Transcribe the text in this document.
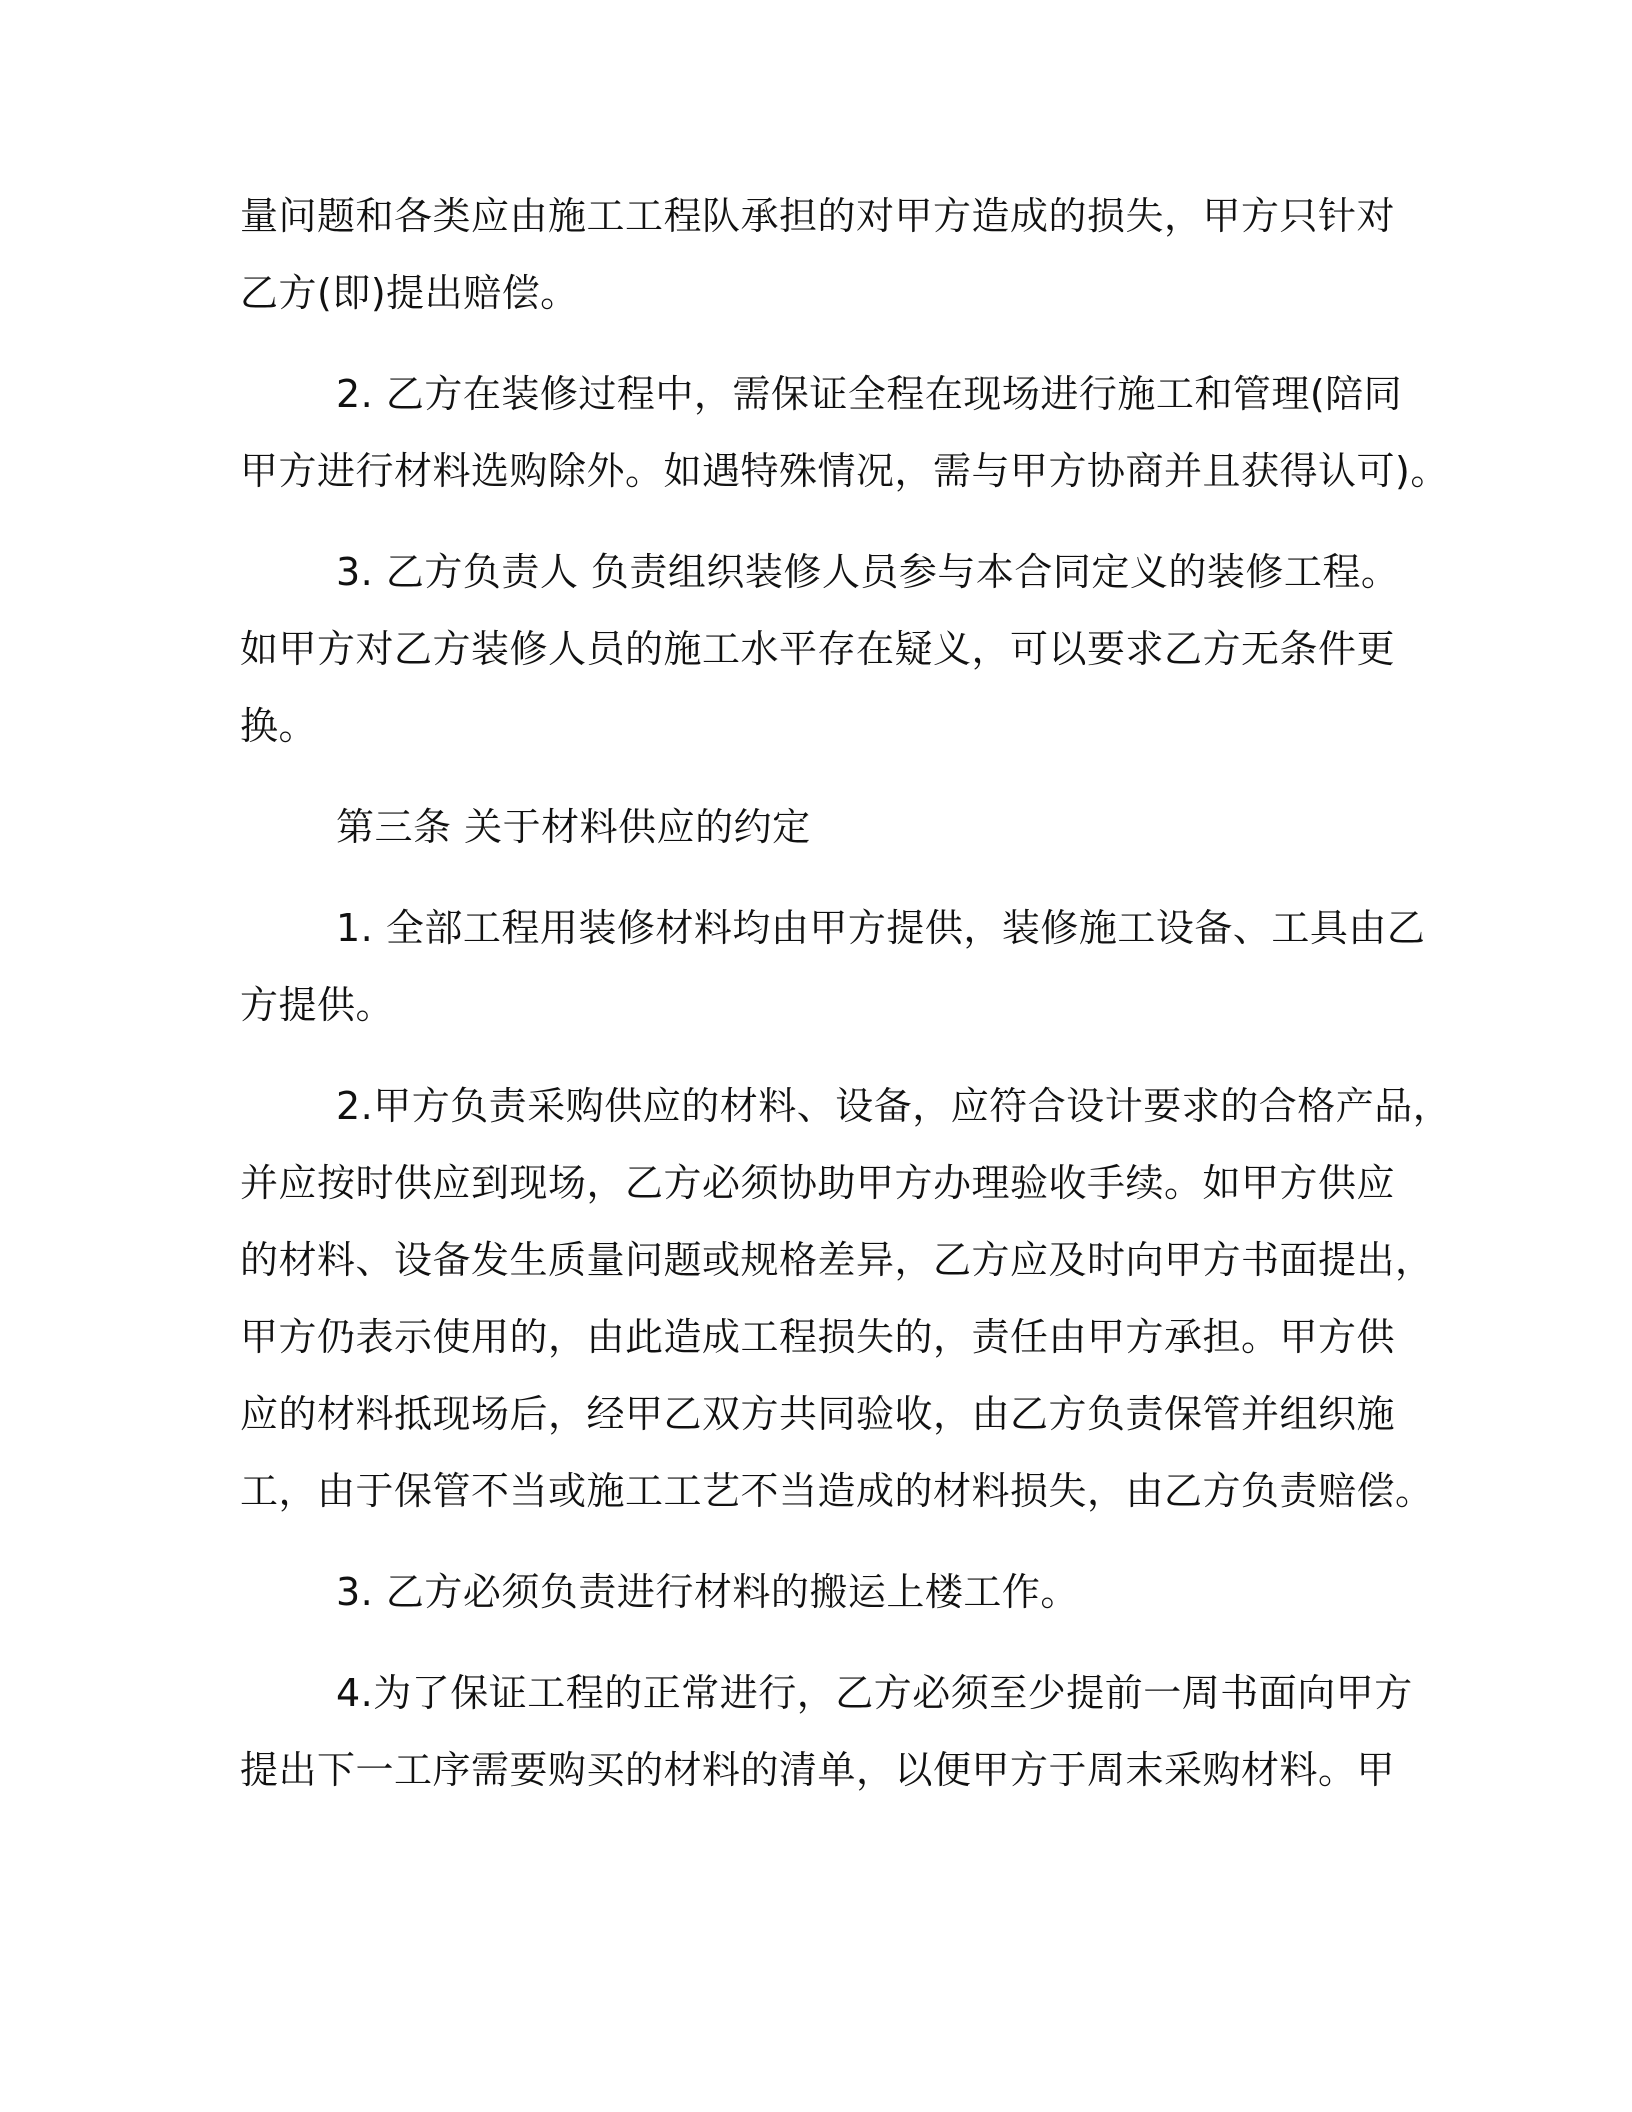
量问题和各类应由施工工程队承担的对甲方造成的损失，甲方只针对
乙方(即)提出赔偿。

2. 乙方在装修过程中，需保证全程在现场进行施工和管理(陪同
甲方进行材料选购除外。如遇特殊情况，需与甲方协商并且获得认可)。

3. 乙方负责人 负责组织装修人员参与本合同定义的装修工程。
如甲方对乙方装修人员的施工水平存在疑义，可以要求乙方无条件更
换。

第三条 关于材料供应的约定

1. 全部工程用装修材料均由甲方提供，装修施工设备、工具由乙
方提供。

2.甲方负责采购供应的材料、设备，应符合设计要求的合格产品，
并应按时供应到现场，乙方必须协助甲方办理验收手续。如甲方供应
的材料、设备发生质量问题或规格差异，乙方应及时向甲方书面提出，
甲方仍表示使用的，由此造成工程损失的，责任由甲方承担。甲方供
应的材料抵现场后，经甲乙双方共同验收，由乙方负责保管并组织施
工，由于保管不当或施工工艺不当造成的材料损失，由乙方负责赔偿。

3. 乙方必须负责进行材料的搬运上楼工作。

4.为了保证工程的正常进行，乙方必须至少提前一周书面向甲方
提出下一工序需要购买的材料的清单，以便甲方于周末采购材料。甲
